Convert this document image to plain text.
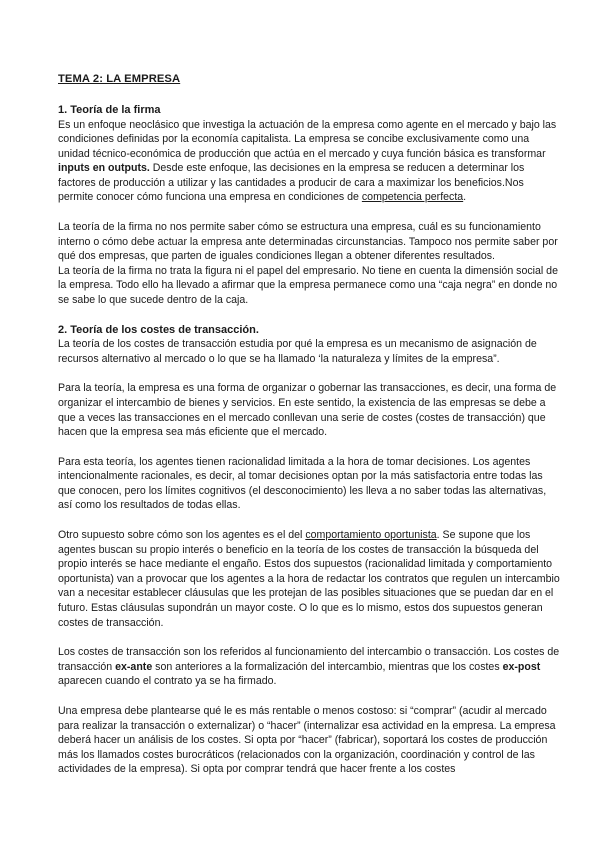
TEMA 2: LA EMPRESA
1. Teoría de la firma

Es un enfoque neoclásico que investiga la actuación de la empresa como agente en el mercado y bajo las condiciones definidas por la economía capitalista. La empresa se concibe exclusivamente como una unidad técnico-económica de producción que actúa en el mercado y cuya función básica es transformar inputs en outputs. Desde este enfoque, las decisiones en la empresa se reducen a determinar los factores de producción a utilizar y las cantidades a producir de cara a maximizar los beneficios.Nos permite conocer cómo funciona una empresa en condiciones de competencia perfecta.

La teoría de la firma no nos permite saber cómo se estructura una empresa, cuál es su funcionamiento interno o cómo debe actuar la empresa ante determinadas circunstancias. Tampoco nos permite saber por qué dos empresas, que parten de iguales condiciones llegan a obtener diferentes resultados.

La teoría de la firma no trata la figura ni el papel del empresario. No tiene en cuenta la dimensión social de la empresa. Todo ello ha llevado a afirmar que la empresa permanece como una “caja negra” en donde no se sabe lo que sucede dentro de la caja.

2. Teoría de los costes de transacción.

La teoría de los costes de transacción estudia por qué la empresa es un mecanismo de asignación de recursos alternativo al mercado o lo que se ha llamado ‘la naturaleza y límites de la empresa”.

Para la teoría, la empresa es una forma de organizar o gobernar las transacciones, es decir, una forma de organizar el intercambio de bienes y servicios. En este sentido, la existencia de las empresas se debe a que a veces las transacciones en el mercado conllevan una serie de costes (costes de transacción) que hacen que la empresa sea más eficiente que el mercado.

Para esta teoría, los agentes tienen racionalidad limitada a la hora de tomar decisiones. Los agentes intencionalmente racionales, es decir, al tomar decisiones optan por la más satisfactoria entre todas las que conocen, pero los límites cognitivos (el desconocimiento) les lleva a no saber todas las alternativas, así como los resultados de todas ellas.

Otro supuesto sobre cómo son los agentes es el del comportamiento oportunista. Se supone que los agentes buscan su propio interés o beneficio en la teoría de los costes de transacción la búsqueda del propio interés se hace mediante el engaño. Estos dos supuestos (racionalidad limitada y comportamiento oportunista) van a provocar que los agentes a la hora de redactar los contratos que regulen un intercambio van a necesitar establecer cláusulas que les protejan de las posibles situaciones que se puedan dar en el futuro. Estas cláusulas supondrán un mayor coste. O lo que es lo mismo, estos dos supuestos generan costes de transacción.

Los costes de transacción son los referidos al funcionamiento del intercambio o transacción. Los costes de transacción ex-ante son anteriores a la formalización del intercambio, mientras que los costes ex-post aparecen cuando el contrato ya se ha firmado.

Una empresa debe plantearse qué le es más rentable o menos costoso: si “comprar” (acudir al mercado para realizar la transacción o externalizar) o “hacer” (internalizar esa actividad en la empresa. La empresa deberá hacer un análisis de los costes. Si opta por “hacer” (fabricar), soportará los costes de producción más los llamados costes burocráticos (relacionados con la organización, coordinación y control de las actividades de la empresa). Si opta por comprar tendrá que hacer frente a los costes
